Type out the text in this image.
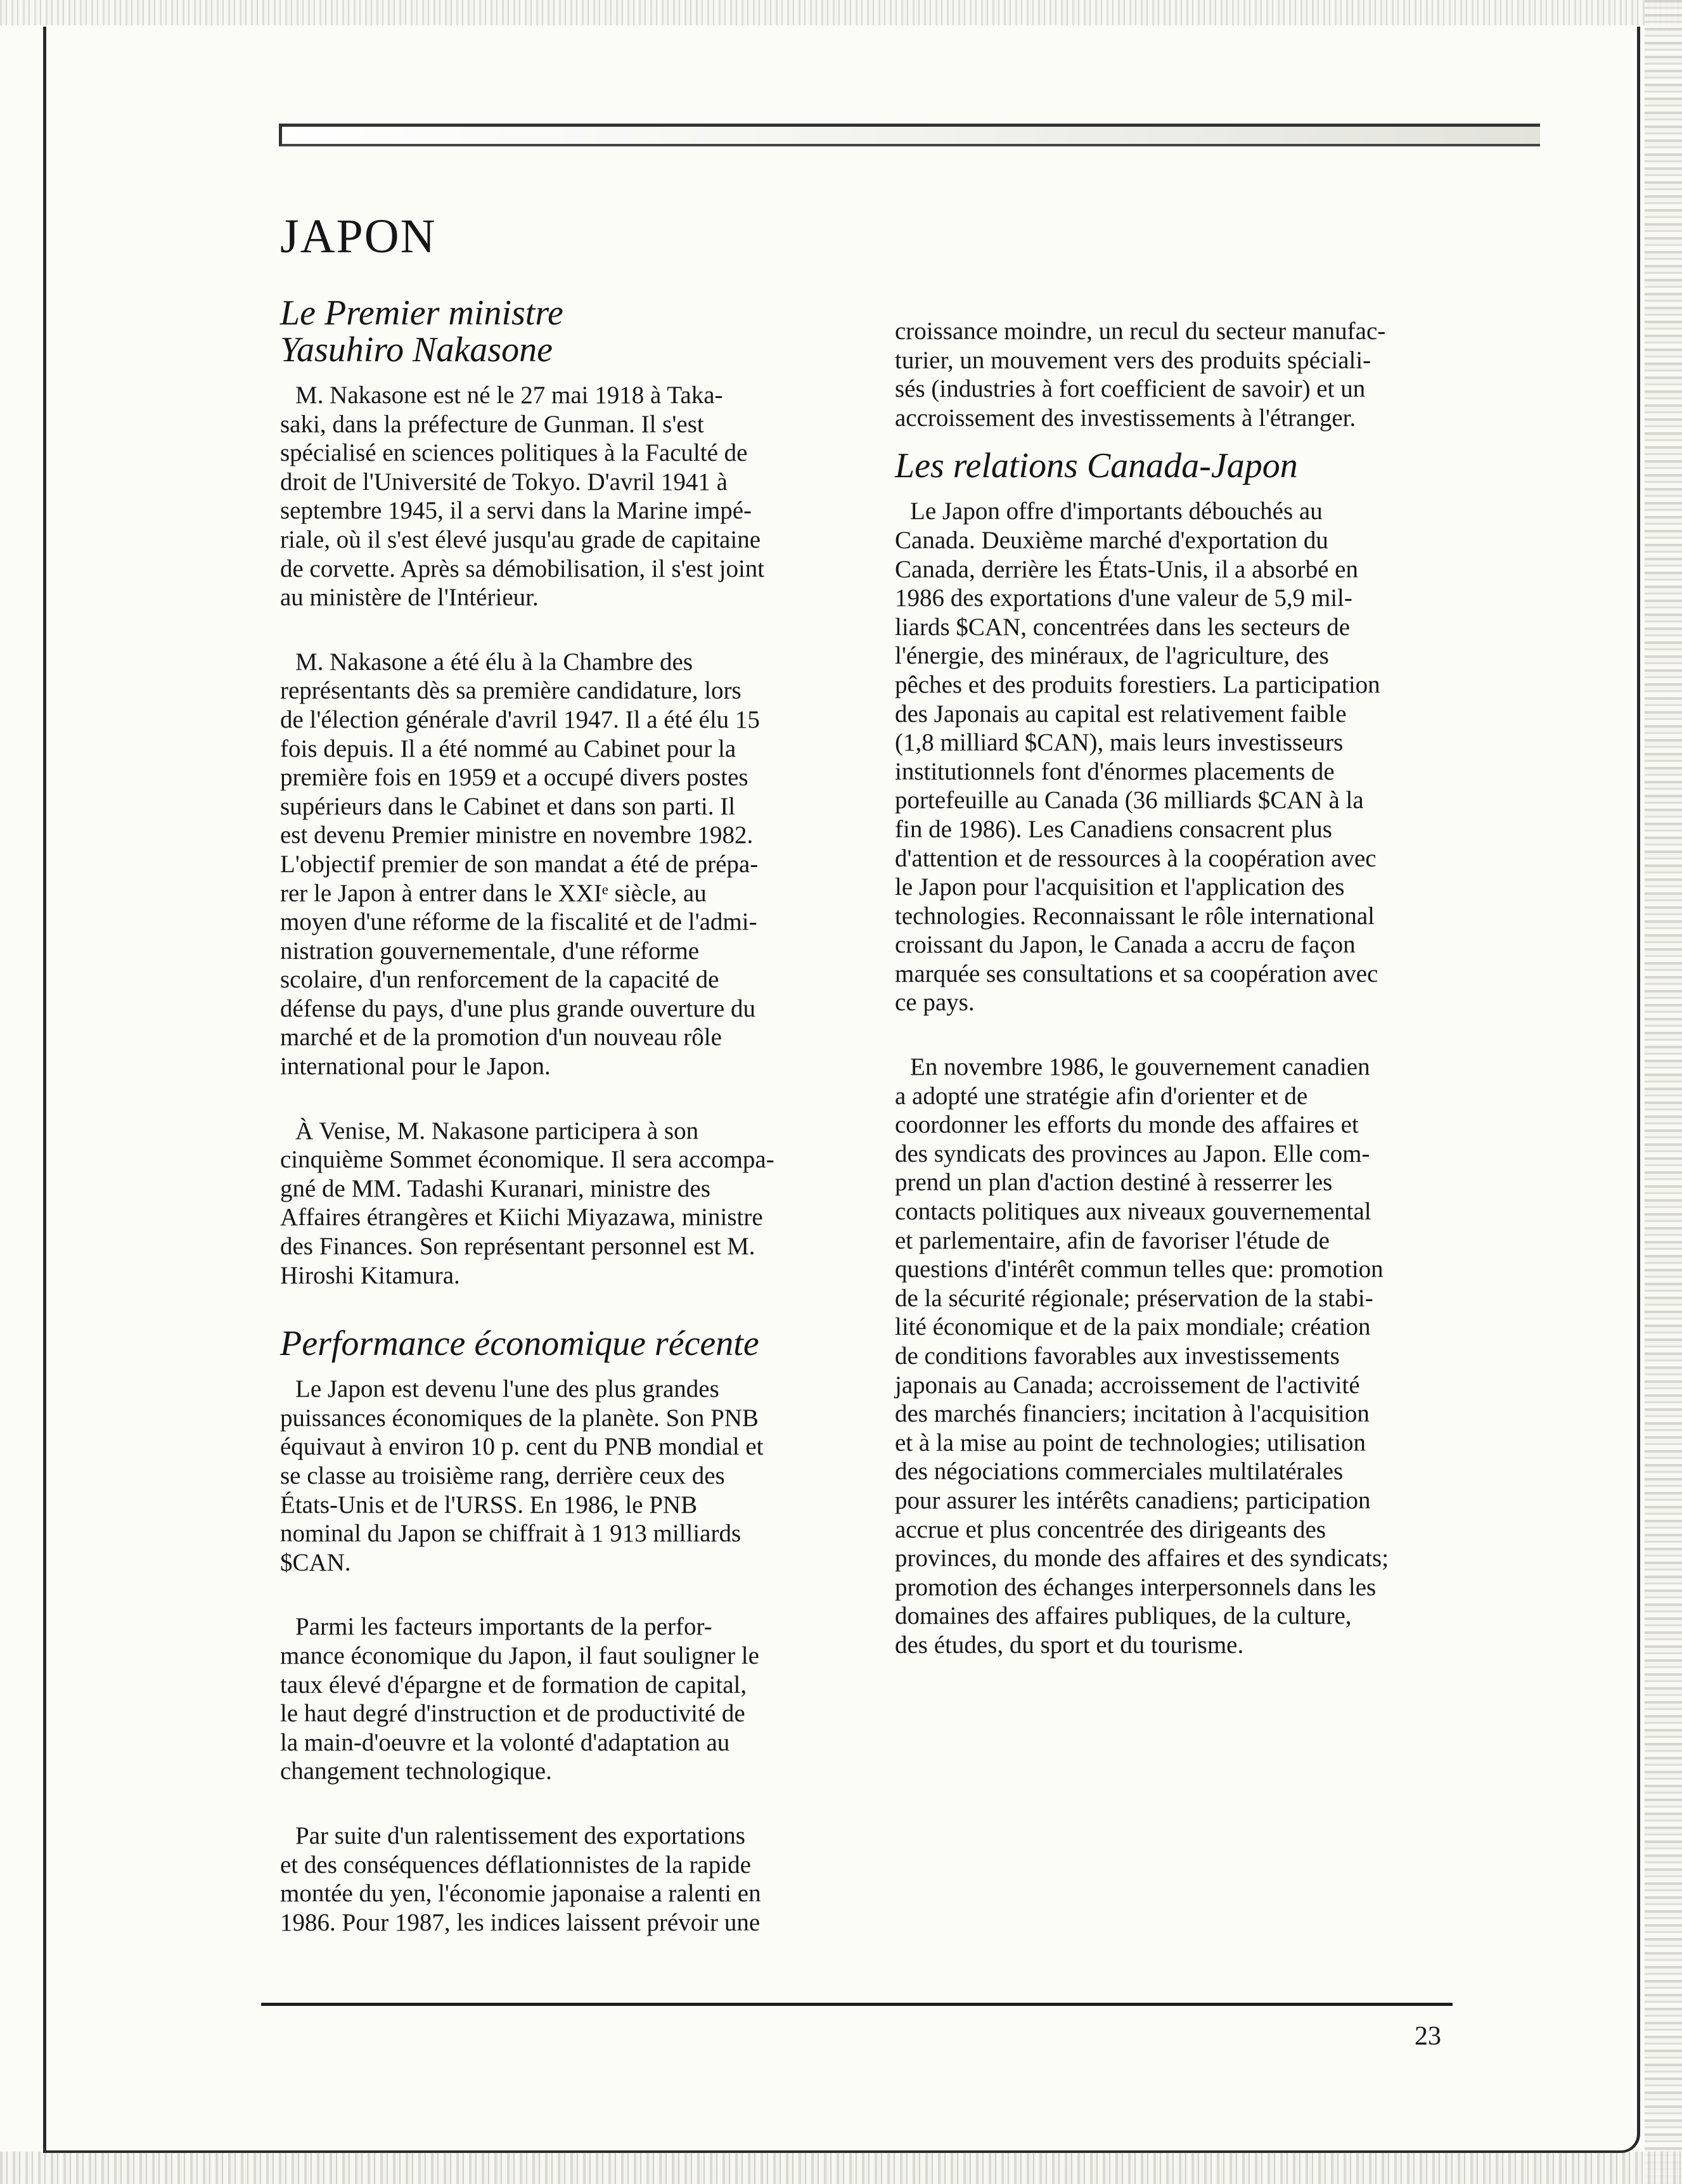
JAPON
Le Premier ministre
Yasuhiro Nakasone
M. Nakasone est né le 27 mai 1918 à Taka-
saki, dans la préfecture de Gunman. Il s'est
spécialisé en sciences politiques à la Faculté de
droit de l'Université de Tokyo. D'avril 1941 à
septembre 1945, il a servi dans la Marine impé-
riale, où il s'est élevé jusqu'au grade de capitaine
de corvette. Après sa démobilisation, il s'est joint
au ministère de l'Intérieur.
M. Nakasone a été élu à la Chambre des
représentants dès sa première candidature, lors
de l'élection générale d'avril 1947. Il a été élu 15
fois depuis. Il a été nommé au Cabinet pour la
première fois en 1959 et a occupé divers postes
supérieurs dans le Cabinet et dans son parti. Il
est devenu Premier ministre en novembre 1982.
L'objectif premier de son mandat a été de prépa-
rer le Japon à entrer dans le XXIᵉ siècle, au
moyen d'une réforme de la fiscalité et de l'admi-
nistration gouvernementale, d'une réforme
scolaire, d'un renforcement de la capacité de
défense du pays, d'une plus grande ouverture du
marché et de la promotion d'un nouveau rôle
international pour le Japon.
À Venise, M. Nakasone participera à son
cinquième Sommet économique. Il sera accompa-
gné de MM. Tadashi Kuranari, ministre des
Affaires étrangères et Kiichi Miyazawa, ministre
des Finances. Son représentant personnel est M.
Hiroshi Kitamura.
Performance économique récente
Le Japon est devenu l'une des plus grandes
puissances économiques de la planète. Son PNB
équivaut à environ 10 p. cent du PNB mondial et
se classe au troisième rang, derrière ceux des
États-Unis et de l'URSS. En 1986, le PNB
nominal du Japon se chiffrait à 1 913 milliards
$CAN.
Parmi les facteurs importants de la perfor-
mance économique du Japon, il faut souligner le
taux élevé d'épargne et de formation de capital,
le haut degré d'instruction et de productivité de
la main-d'oeuvre et la volonté d'adaptation au
changement technologique.
Par suite d'un ralentissement des exportations
et des conséquences déflationnistes de la rapide
montée du yen, l'économie japonaise a ralenti en
1986. Pour 1987, les indices laissent prévoir une
croissance moindre, un recul du secteur manufac-
turier, un mouvement vers des produits spéciali-
sés (industries à fort coefficient de savoir) et un
accroissement des investissements à l'étranger.
Les relations Canada-Japon
Le Japon offre d'importants débouchés au
Canada. Deuxième marché d'exportation du
Canada, derrière les États-Unis, il a absorbé en
1986 des exportations d'une valeur de 5,9 mil-
liards $CAN, concentrées dans les secteurs de
l'énergie, des minéraux, de l'agriculture, des
pêches et des produits forestiers. La participation
des Japonais au capital est relativement faible
(1,8 milliard $CAN), mais leurs investisseurs
institutionnels font d'énormes placements de
portefeuille au Canada (36 milliards $CAN à la
fin de 1986). Les Canadiens consacrent plus
d'attention et de ressources à la coopération avec
le Japon pour l'acquisition et l'application des
technologies. Reconnaissant le rôle international
croissant du Japon, le Canada a accru de façon
marquée ses consultations et sa coopération avec
ce pays.
En novembre 1986, le gouvernement canadien
a adopté une stratégie afin d'orienter et de
coordonner les efforts du monde des affaires et
des syndicats des provinces au Japon. Elle com-
prend un plan d'action destiné à resserrer les
contacts politiques aux niveaux gouvernemental
et parlementaire, afin de favoriser l'étude de
questions d'intérêt commun telles que: promotion
de la sécurité régionale; préservation de la stabi-
lité économique et de la paix mondiale; création
de conditions favorables aux investissements
japonais au Canada; accroissement de l'activité
des marchés financiers; incitation à l'acquisition
et à la mise au point de technologies; utilisation
des négociations commerciales multilatérales
pour assurer les intérêts canadiens; participation
accrue et plus concentrée des dirigeants des
provinces, du monde des affaires et des syndicats;
promotion des échanges interpersonnels dans les
domaines des affaires publiques, de la culture,
des études, du sport et du tourisme.
23
